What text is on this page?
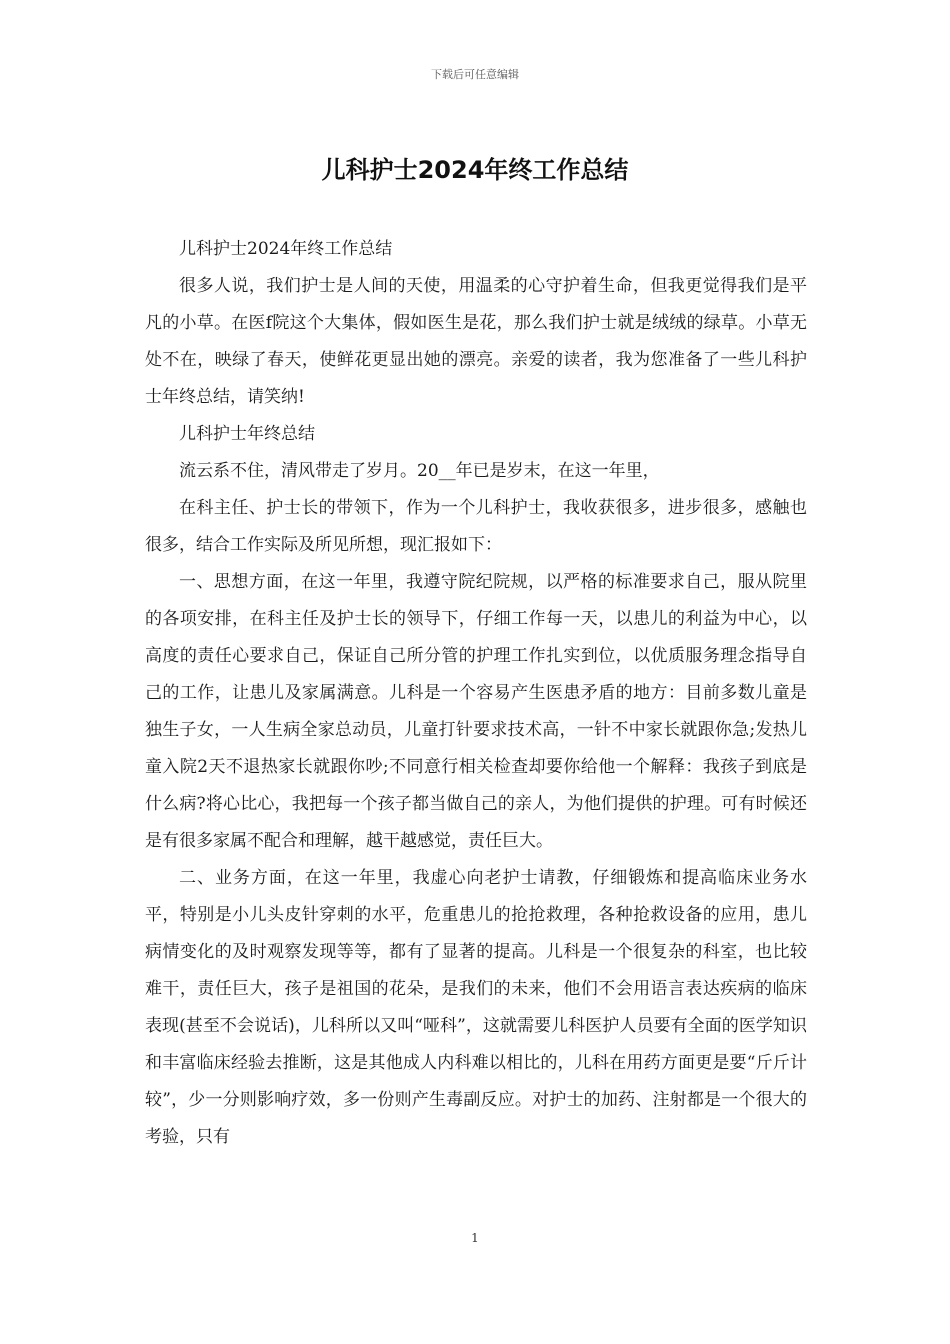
下载后可任意编辑
儿科护士2024年终工作总结

儿科护士2024年终工作总结

很多人说，我们护士是人间的天使，用温柔的心守护着生命，但我更觉得我们是平凡的小草。在医f院这个大集体，假如医生是花，那么我们护士就是绒绒的绿草。小草无处不在，映绿了春天，使鲜花更显出她的漂亮。亲爱的读者，我为您准备了一些儿科护士年终总结，请笑纳!

儿科护士年终总结

流云系不住，清风带走了岁月。20__年已是岁末，在这一年里，

在科主任、护士长的带领下，作为一个儿科护士，我收获很多，进步很多，感触也很多，结合工作实际及所见所想，现汇报如下：

一、思想方面，在这一年里，我遵守院纪院规，以严格的标准要求自己，服从院里的各项安排，在科主任及护士长的领导下，仔细工作每一天，以患儿的利益为中心，以高度的责任心要求自己，保证自己所分管的护理工作扎实到位，以优质服务理念指导自己的工作，让患儿及家属满意。儿科是一个容易产生医患矛盾的地方：目前多数儿童是独生子女，一人生病全家总动员，儿童打针要求技术高，一针不中家长就跟你急;发热儿童入院2天不退热家长就跟你吵;不同意行相关检查却要你给他一个解释：我孩子到底是什么病?将心比心，我把每一个孩子都当做自己的亲人，为他们提供的护理。可有时候还是有很多家属不配合和理解，越干越感觉，责任巨大。

二、业务方面，在这一年里，我虚心向老护士请教，仔细锻炼和提高临床业务水平，特别是小儿头皮针穿刺的水平，危重患儿的抢抢救理，各种抢救设备的应用，患儿病情变化的及时观察发现等等，都有了显著的提高。儿科是一个很复杂的科室，也比较难干，责任巨大，孩子是祖国的花朵，是我们的未来，他们不会用语言表达疾病的临床表现(甚至不会说话)，儿科所以又叫“哑科”，这就需要儿科医护人员要有全面的医学知识和丰富临床经验去推断，这是其他成人内科难以相比的，儿科在用药方面更是要“斤斤计较”，少一分则影响疗效，多一份则产生毒副反应。对护士的加药、注射都是一个很大的考验，只有

1
